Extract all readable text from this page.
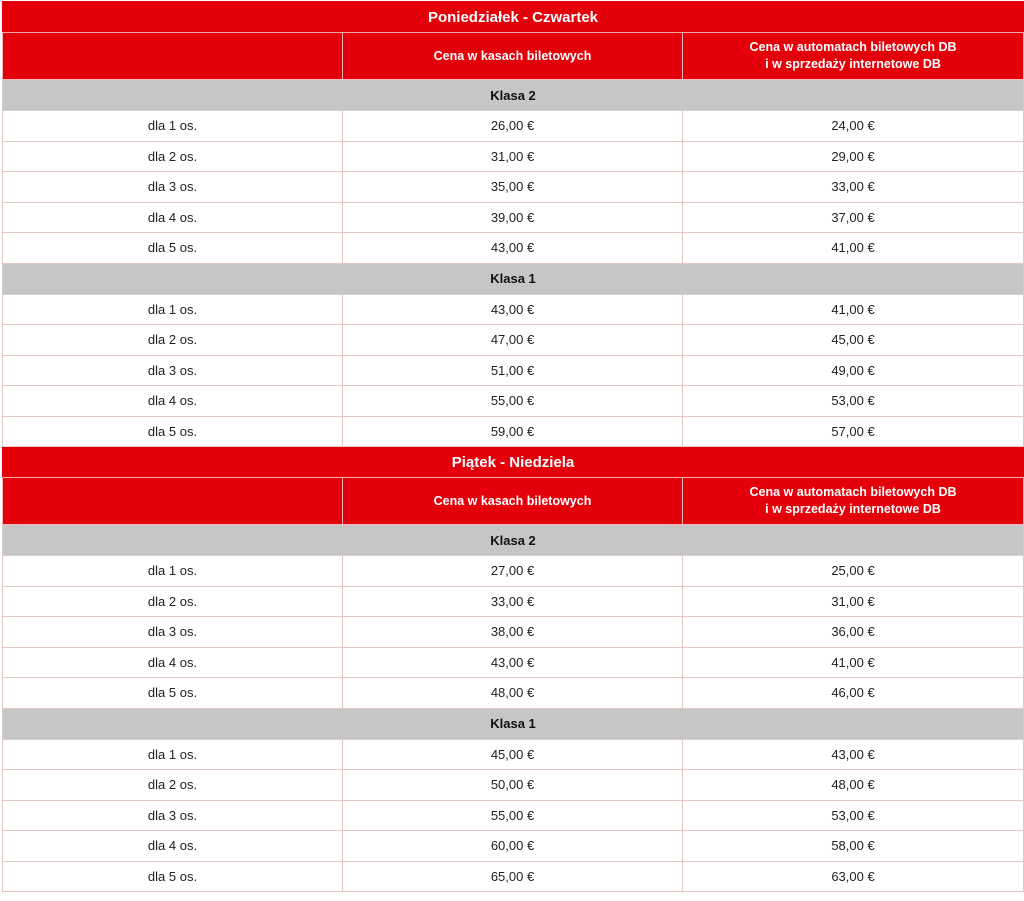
Poniedziałek - Czwartek		
	Cena w kasach biletowych	Cena w automatach biletowych DB
i w sprzedaży internetowe DB

Klasa 2		
dla 1 os.	26,00 €	24,00 €
dla 2 os.	31,00 €	29,00 €
dla 3 os.	35,00 €	33,00 €
dla 4 os.	39,00 €	37,00 €
dla 5 os.	43,00 €	41,00 €
Klasa 1		
dla 1 os.	43,00 €	41,00 €
dla 2 os.	47,00 €	45,00 €
dla 3 os.	51,00 €	49,00 €
dla 4 os.	55,00 €	53,00 €
dla 5 os.	59,00 €	57,00 €
Piątek - Niedziela		
	Cena w kasach biletowych	Cena w automatach biletowych DB
i w sprzedaży internetowe DB

Klasa 2		
dla 1 os.	27,00 €	25,00 €
dla 2 os.	33,00 €	31,00 €
dla 3 os.	38,00 €	36,00 €
dla 4 os.	43,00 €	41,00 €
dla 5 os.	48,00 €	46,00 €
Klasa 1		
dla 1 os.	45,00 €	43,00 €
dla 2 os.	50,00 €	48,00 €
dla 3 os.	55,00 €	53,00 €
dla 4 os.	60,00 €	58,00 €
dla 5 os.	65,00 €	63,00 €
